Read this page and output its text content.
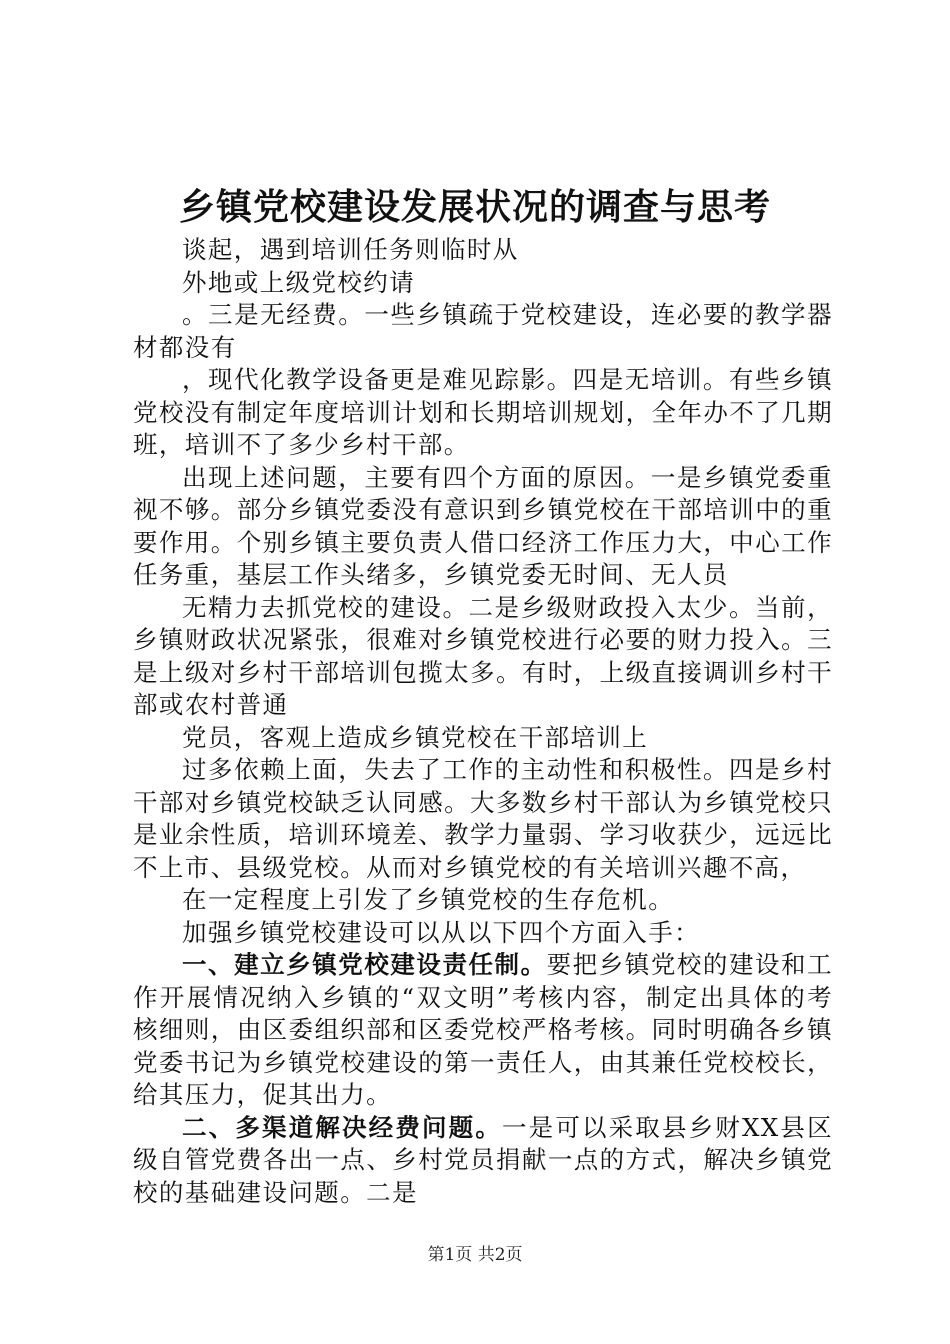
乡镇党校建设发展状况的调查与思考

谈起，遇到培训任务则临时从

外地或上级党校约请

。三是无经费。一些乡镇疏于党校建设，连必要的教学器材都没有

，现代化教学设备更是难见踪影。四是无培训。有些乡镇党校没有制定年度培训计划和长期培训规划，全年办不了几期班，培训不了多少乡村干部。

出现上述问题，主要有四个方面的原因。一是乡镇党委重视不够。部分乡镇党委没有意识到乡镇党校在干部培训中的重要作用。个别乡镇主要负责人借口经济工作压力大，中心工作任务重，基层工作头绪多，乡镇党委无时间、无人员

无精力去抓党校的建设。二是乡级财政投入太少。当前，乡镇财政状况紧张，很难对乡镇党校进行必要的财力投入。三是上级对乡村干部培训包揽太多。有时，上级直接调训乡村干部或农村普通

党员，客观上造成乡镇党校在干部培训上

过多依赖上面，失去了工作的主动性和积极性。四是乡村干部对乡镇党校缺乏认同感。大多数乡村干部认为乡镇党校只是业余性质，培训环境差、教学力量弱、学习收获少，远远比不上市、县级党校。从而对乡镇党校的有关培训兴趣不高，

在一定程度上引发了乡镇党校的生存危机。

加强乡镇党校建设可以从以下四个方面入手：

一、建立乡镇党校建设责任制。要把乡镇党校的建设和工作开展情况纳入乡镇的“双文明”考核内容，制定出具体的考核细则，由区委组织部和区委党校严格考核。同时明确各乡镇党委书记为乡镇党校建设的第一责任人，由其兼任党校校长，给其压力，促其出力。

二、多渠道解决经费问题。一是可以采取县乡财XX县区级自管党费各出一点、乡村党员捐献一点的方式，解决乡镇党校的基础建设问题。二是

第1页 共2页
